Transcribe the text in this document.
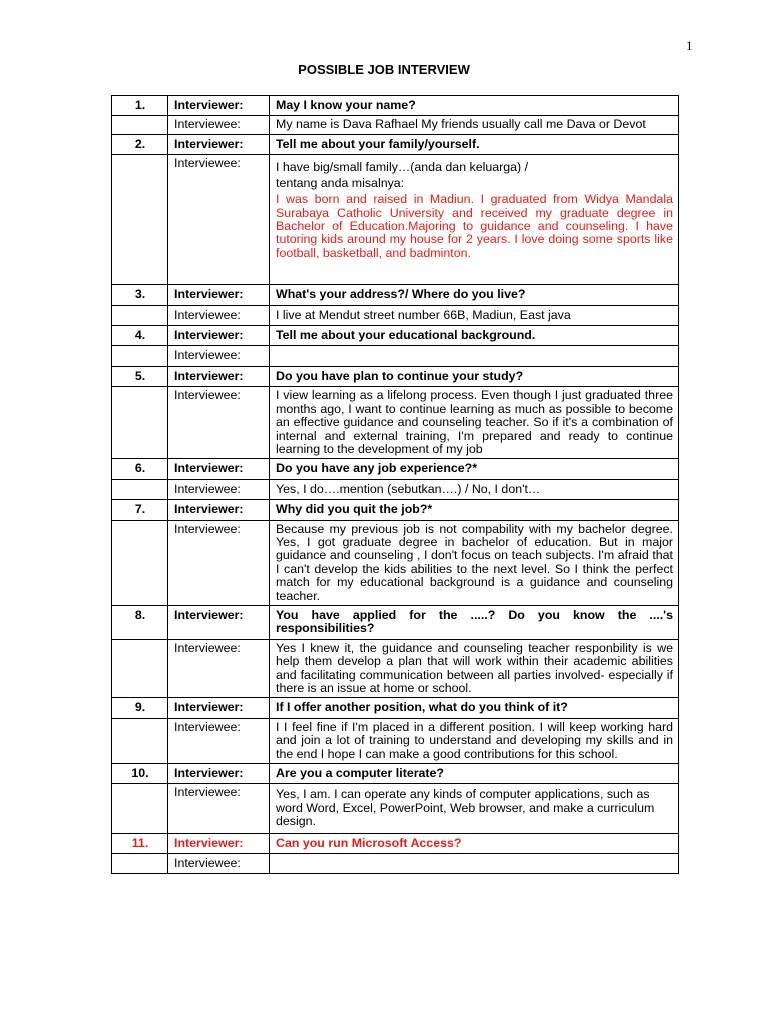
1
POSSIBLE JOB INTERVIEW
1.	Interviewer:	May I know your name?
	Interviewee:	My name is Dava Rafhael My friends usually call me Dava or Devot
2.	Interviewer:	Tell me about your family/yourself.
	Interviewee:	I have big/small family…(anda dan keluarga) /
tentang anda misalnya:
I was born and raised in Madiun. I graduated from Widya Mandala Surabaya Catholic University and received my graduate degree in Bachelor of Education.Majoring to guidance and counseling. I have tutoring kids around my house for 2 years. I love doing some sports like football, basketball, and badminton.

3.	Interviewer:	What's your address?/ Where do you live?
	Interviewee:	I live at Mendut street number 66B, Madiun, East java
4.	Interviewer:	Tell me about your educational background.
	Interviewee:	
5.	Interviewer:	Do you have plan to continue your study?
	Interviewee:	I view learning as a lifelong process. Even though I just graduated three months ago, I want to continue learning as much as possible to become an effective guidance and counseling teacher. So if it's a combination of internal and external training, I'm prepared and ready to continue learning to the development of my job
6.	Interviewer:	Do you have any job experience?*
	Interviewee:	Yes, I do….mention (sebutkan….) / No, I don't…
7.	Interviewer:	Why did you quit the job?*
	Interviewee:	Because my previous job is not compability with my bachelor degree. Yes, I got graduate degree in bachelor of education. But in major guidance and counseling , I don't focus on teach subjects. I'm afraid that I can't develop the kids abilities to the next level. So I think the perfect match for my educational background is a guidance and counseling teacher.
8.	Interviewer:	You have applied for the .....? Do you know the ....'s responsibilities?
	Interviewee:	Yes I knew it, the guidance and counseling teacher responbility is we help them develop a plan that will work within their academic abilities and facilitating communication between all parties involved- especially if there is an issue at home or school.
9.	Interviewer:	If I offer another position, what do you think of it?
	Interviewee:	I I feel fine if I'm placed in a different position. I will keep working hard and join a lot of training to understand and developing my skills and in the end I hope I can make a good contributions for this school.
10.	Interviewer:	Are you a computer literate?
	Interviewee:	Yes, I am. I can operate any kinds of computer applications, such as word Word, Excel, PowerPoint, Web browser, and make a curriculum design.
11.	Interviewer:	Can you run Microsoft Access?
	Interviewee:	
